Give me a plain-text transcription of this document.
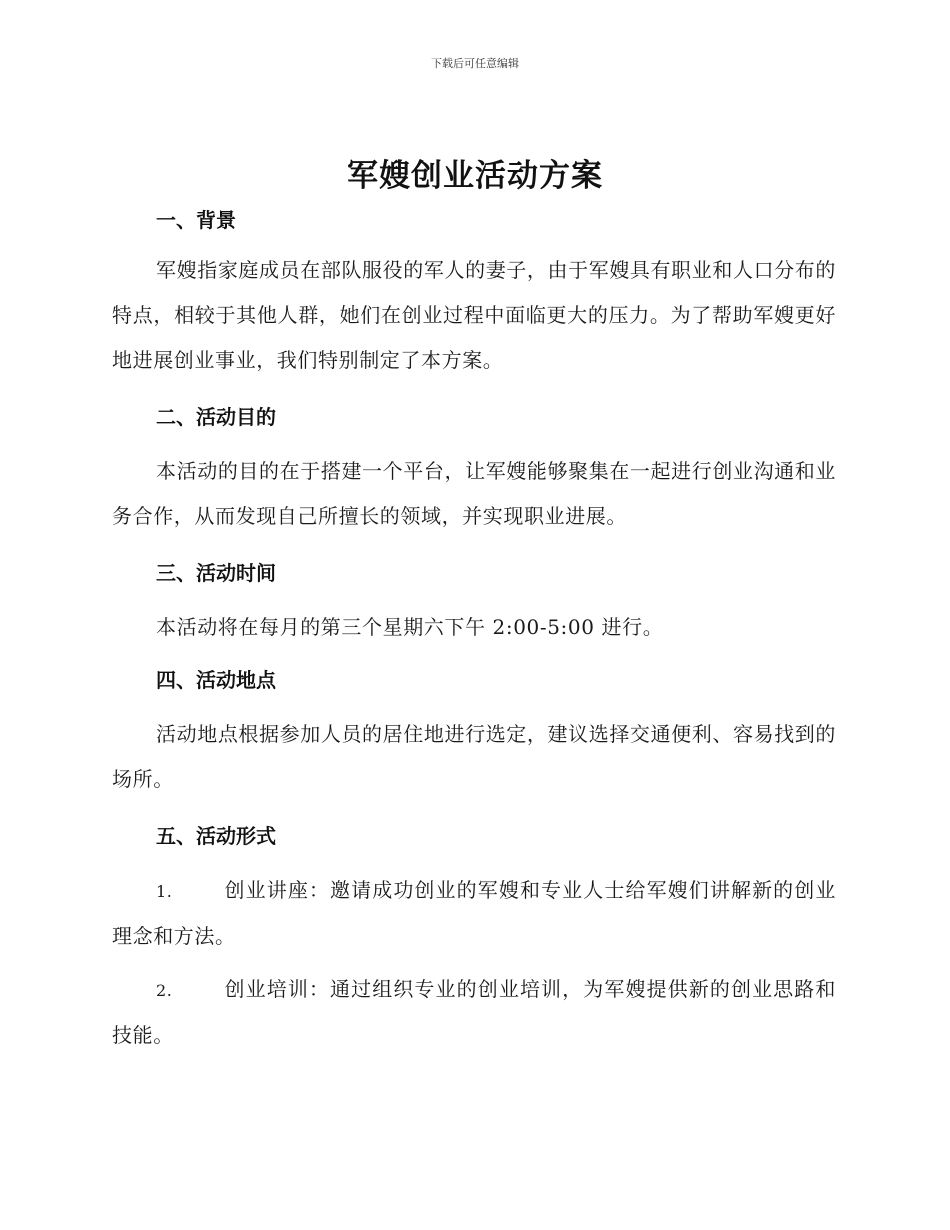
下载后可任意编辑
军嫂创业活动方案
一、背景

军嫂指家庭成员在部队服役的军人的妻子，由于军嫂具有职业和人口分布的特点，相较于其他人群，她们在创业过程中面临更大的压力。为了帮助军嫂更好地进展创业事业，我们特别制定了本方案。

二、活动目的

本活动的目的在于搭建一个平台，让军嫂能够聚集在一起进行创业沟通和业务合作，从而发现自己所擅长的领域，并实现职业进展。

三、活动时间

本活动将在每月的第三个星期六下午 2:00-5:00 进行。

四、活动地点

活动地点根据参加人员的居住地进行选定，建议选择交通便利、容易找到的场所。

五、活动形式

1.	创业讲座：邀请成功创业的军嫂和专业人士给军嫂们讲解新的创业理念和方法。

2.	创业培训：通过组织专业的创业培训，为军嫂提供新的创业思路和技能。
